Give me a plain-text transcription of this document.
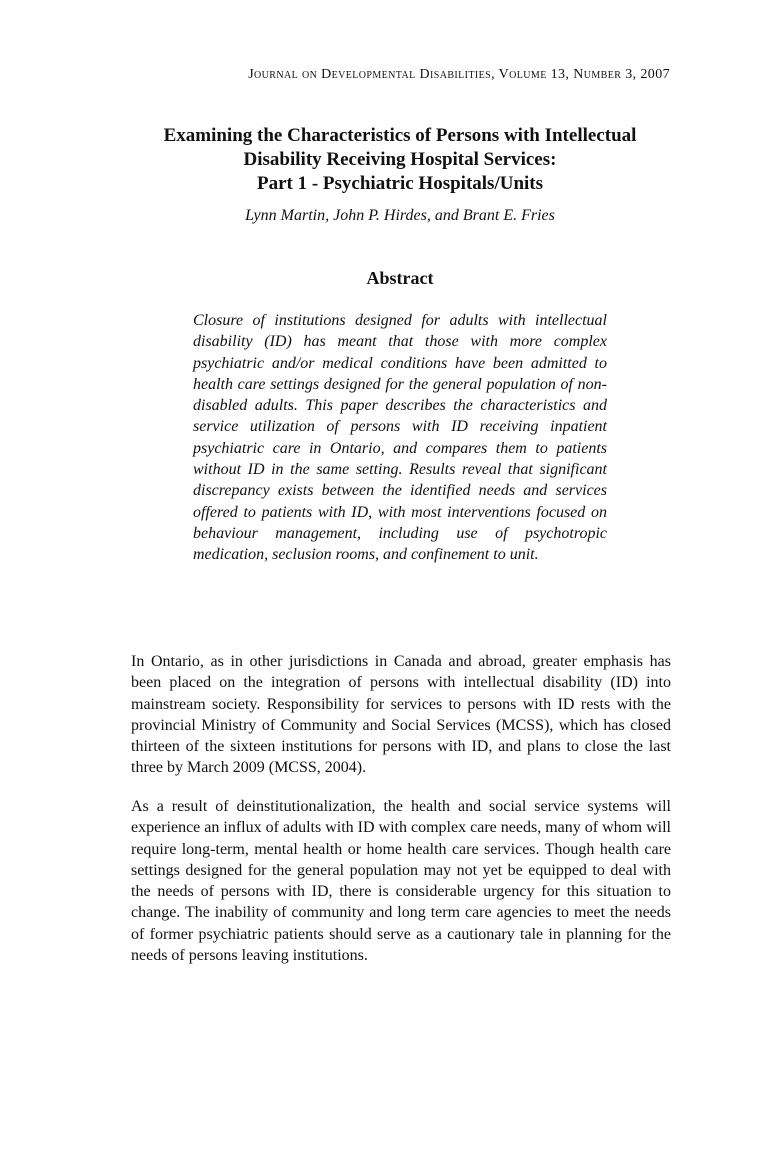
Journal on Developmental Disabilities, Volume 13, Number 3, 2007
Examining the Characteristics of Persons with Intellectual
Disability Receiving Hospital Services:
Part 1 - Psychiatric Hospitals/Units
Lynn Martin, John P. Hirdes, and Brant E. Fries
Abstract
Closure of institutions designed for adults with intellectual disability (ID) has meant that those with more complex psychiatric and/or medical conditions have been admitted to health care settings designed for the general population of non-disabled adults. This paper describes the characteristics and service utilization of persons with ID receiving inpatient psychiatric care in Ontario, and compares them to patients without ID in the same setting. Results reveal that significant discrepancy exists between the identified needs and services offered to patients with ID, with most interventions focused on behaviour management, including use of psychotropic medication, seclusion rooms, and confinement to unit.
In Ontario, as in other jurisdictions in Canada and abroad, greater emphasis has been placed on the integration of persons with intellectual disability (ID) into mainstream society. Responsibility for services to persons with ID rests with the provincial Ministry of Community and Social Services (MCSS), which has closed thirteen of the sixteen institutions for persons with ID, and plans to close the last three by March 2009 (MCSS, 2004).
As a result of deinstitutionalization, the health and social service systems will experience an influx of adults with ID with complex care needs, many of whom will require long-term, mental health or home health care services. Though health care settings designed for the general population may not yet be equipped to deal with the needs of persons with ID, there is considerable urgency for this situation to change. The inability of community and long term care agencies to meet the needs of former psychiatric patients should serve as a cautionary tale in planning for the needs of persons leaving institutions.
